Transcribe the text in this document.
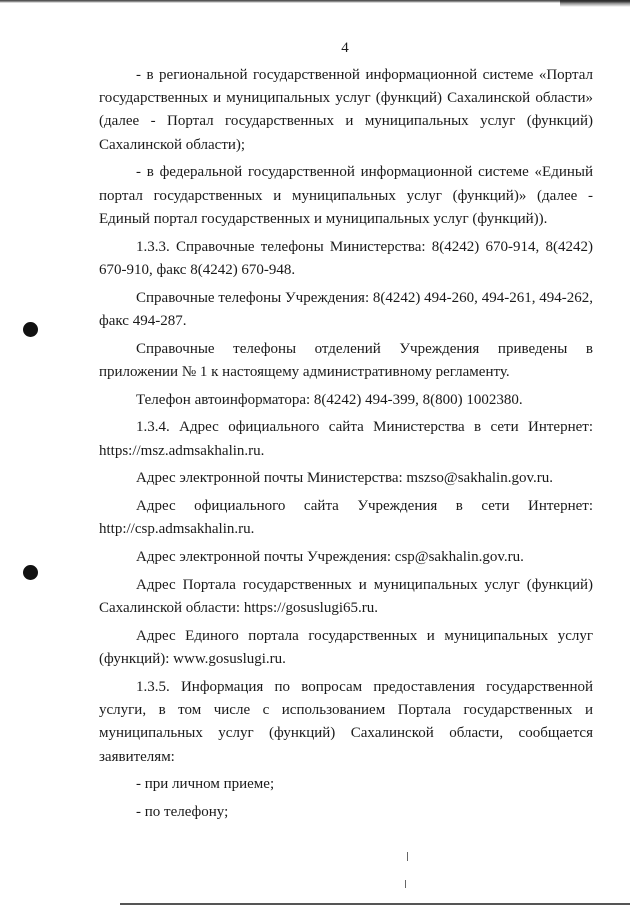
4

- в региональной государственной информационной системе «Портал государственных и муниципальных услуг (функций) Сахалинской области» (далее - Портал государственных и муниципальных услуг (функций) Сахалинской области);

- в федеральной государственной информационной системе «Единый портал государственных и муниципальных услуг (функций)» (далее - Единый портал государственных и муниципальных услуг (функций)).

1.3.3. Справочные телефоны Министерства: 8(4242) 670-914, 8(4242) 670-910, факс 8(4242) 670-948.

Справочные телефоны Учреждения: 8(4242) 494-260, 494-261, 494-262, факс 494-287.

Справочные телефоны отделений Учреждения приведены в приложении № 1 к настоящему административному регламенту.

Телефон автоинформатора: 8(4242) 494-399, 8(800) 1002380.

1.3.4. Адрес официального сайта Министерства в сети Интернет: https://msz.admsakhalin.ru.

Адрес электронной почты Министерства: mszso@sakhalin.gov.ru.

Адрес официального сайта Учреждения в сети Интернет: http://csp.admsakhalin.ru.

Адрес электронной почты Учреждения: csp@sakhalin.gov.ru.

Адрес Портала государственных и муниципальных услуг (функций) Сахалинской области: https://gosuslugi65.ru.

Адрес Единого портала государственных и муниципальных услуг (функций): www.gosuslugi.ru.

1.3.5. Информация по вопросам предоставления государственной услуги, в том числе с использованием Портала государственных и муниципальных услуг (функций) Сахалинской области, сообщается заявителям:

- при личном приеме;

- по телефону;
